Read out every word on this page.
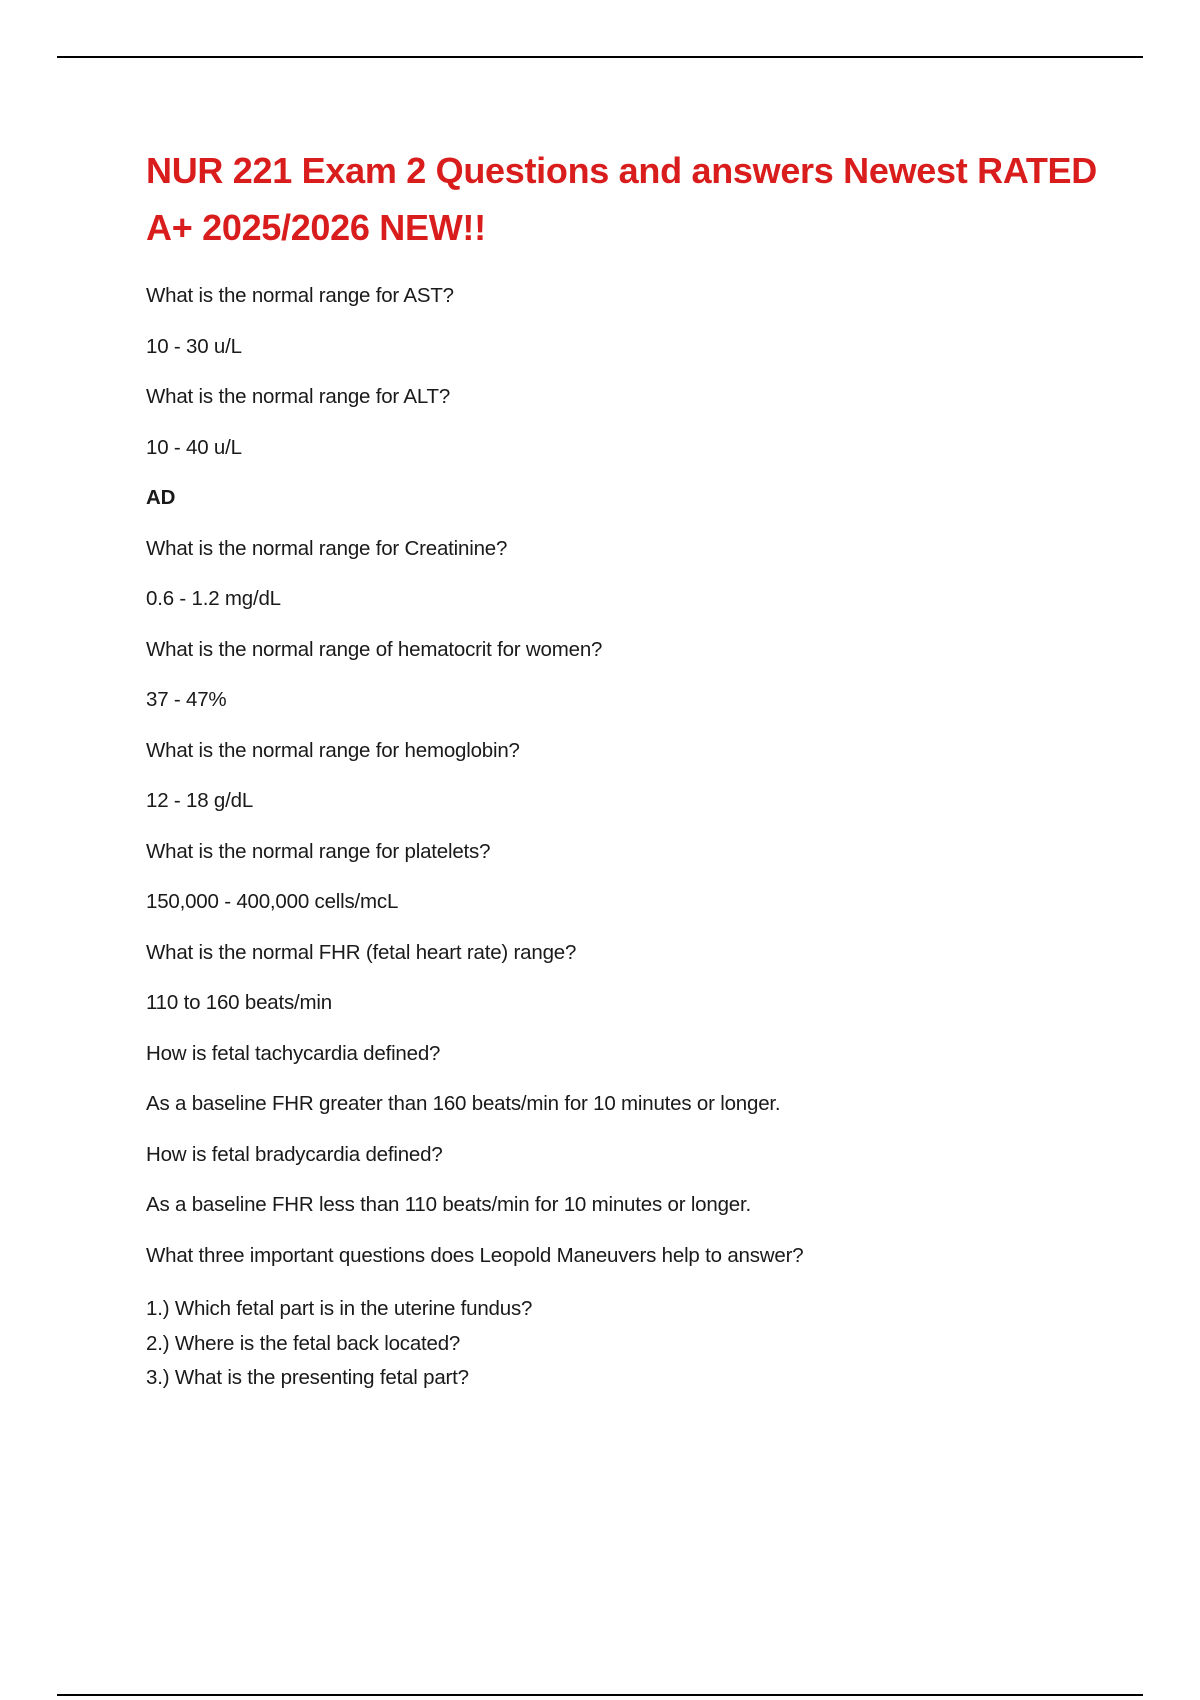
NUR 221 Exam 2 Questions and answers Newest RATED A+ 2025/2026 NEW!!

What is the normal range for AST?

10 - 30 u/L

What is the normal range for ALT?

10 - 40 u/L

AD

What is the normal range for Creatinine?

0.6 - 1.2 mg/dL

What is the normal range of hematocrit for women?

37 - 47%

What is the normal range for hemoglobin?

12 - 18 g/dL

What is the normal range for platelets?

150,000 - 400,000 cells/mcL

What is the normal FHR (fetal heart rate) range?

110 to 160 beats/min

How is fetal tachycardia defined?

As a baseline FHR greater than 160 beats/min for 10 minutes or longer.

How is fetal bradycardia defined?

As a baseline FHR less than 110 beats/min for 10 minutes or longer.

What three important questions does Leopold Maneuvers help to answer?

1.) Which fetal part is in the uterine fundus?
2.) Where is the fetal back located?
3.) What is the presenting fetal part?
